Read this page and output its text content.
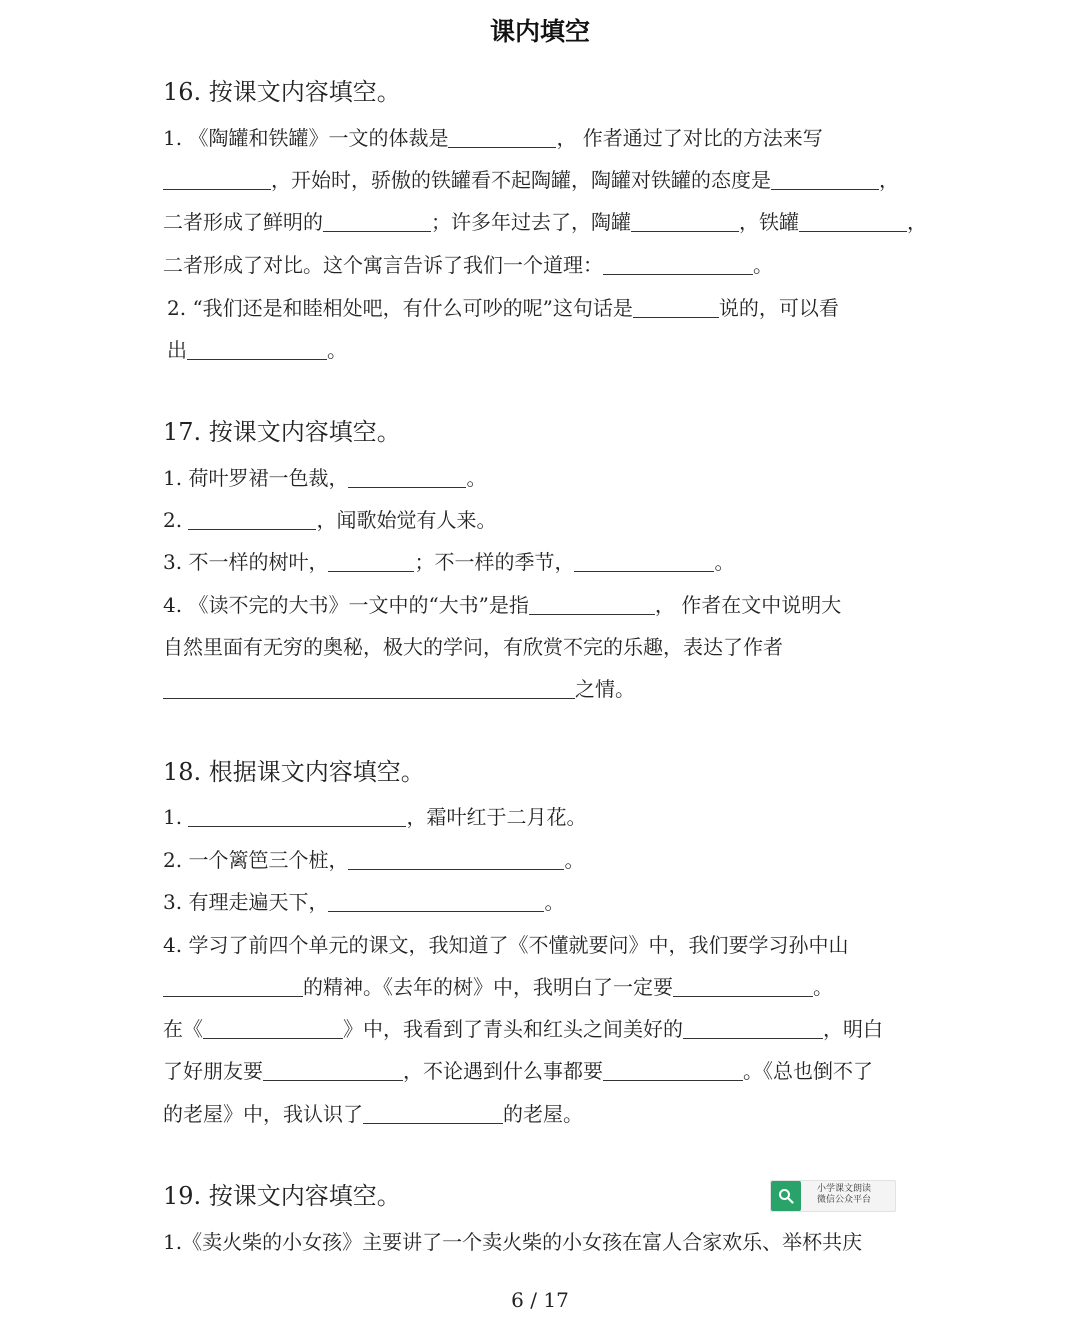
课内填空
16. 按课文内容填空。
1. 《陶罐和铁罐》一文的体裁是	， 作者通过了对比的方法来写
，开始时，骄傲的铁罐看不起陶罐，陶罐对铁罐的态度是	，
二者形成了鲜明的	；许多年过去了，陶罐	，铁罐	，
二者形成了对比。这个寓言告诉了我们一个道理：	。
2. “我们还是和睦相处吧，有什么可吵的呢”这句话是	说的，可以看
出	。
17. 按课文内容填空。
1. 荷叶罗裙一色裁，	。
2.	，闻歌始觉有人来。
3. 不一样的树叶，	；不一样的季节，	。
4. 《读不完的大书》一文中的“大书”是指	， 作者在文中说明大
自然里面有无穷的奥秘，极大的学问，有欣赏不完的乐趣，表达了作者
之情。
18. 根据课文内容填空。
1.	，霜叶红于二月花。
2. 一个篱笆三个桩，	。
3. 有理走遍天下，	。
4. 学习了前四个单元的课文，我知道了《不懂就要问》中，我们要学习孙中山
的精神。《去年的树》中，我明白了一定要	。
在《	》中，我看到了青头和红头之间美好的	，明白
了好朋友要	，不论遇到什么事都要	。《总也倒不了
的老屋》中，我认识了	的老屋。
19. 按课文内容填空。
1.《卖火柴的小女孩》主要讲了一个卖火柴的小女孩在富人合家欢乐、举杯共庆
小学课文朗读
微信公众平台
6 / 17
